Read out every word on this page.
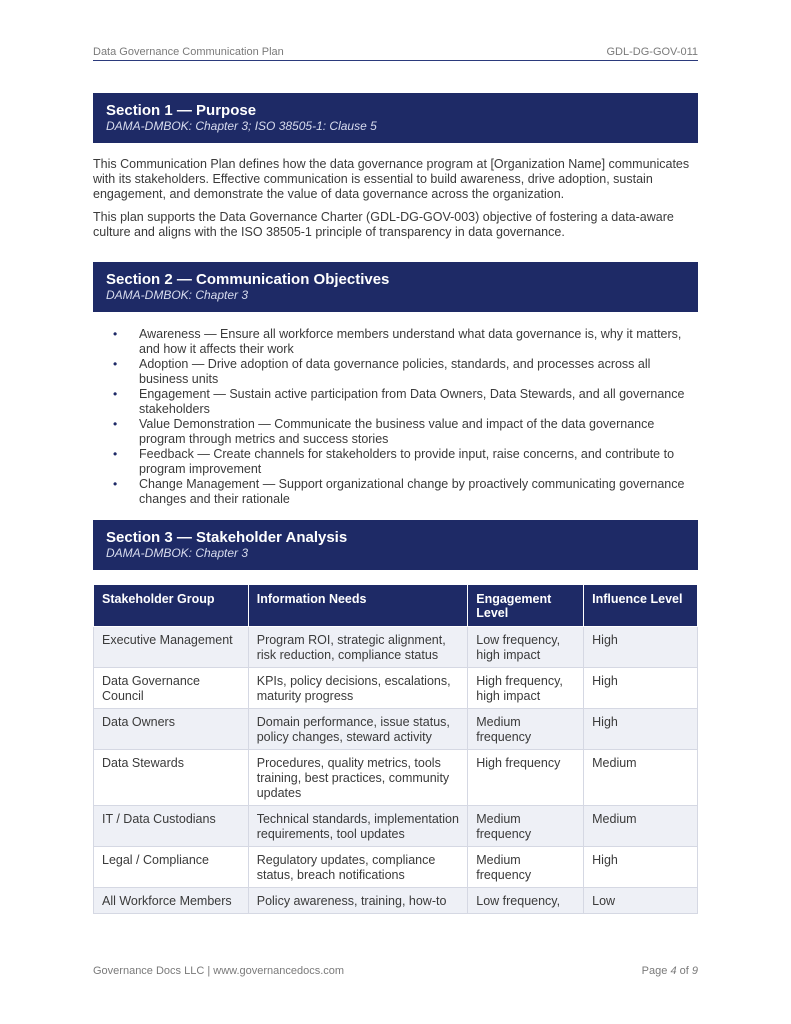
Data Governance Communication Plan	GDL-DG-GOV-011
Section 1 — Purpose
DAMA-DMBOK: Chapter 3; ISO 38505-1: Clause 5
This Communication Plan defines how the data governance program at [Organization Name] communicates with its stakeholders. Effective communication is essential to build awareness, drive adoption, sustain engagement, and demonstrate the value of data governance across the organization.
This plan supports the Data Governance Charter (GDL-DG-GOV-003) objective of fostering a data-aware culture and aligns with the ISO 38505-1 principle of transparency in data governance.
Section 2 — Communication Objectives
DAMA-DMBOK: Chapter 3
• Awareness — Ensure all workforce members understand what data governance is, why it matters, and how it affects their work
• Adoption — Drive adoption of data governance policies, standards, and processes across all business units
• Engagement — Sustain active participation from Data Owners, Data Stewards, and all governance stakeholders
• Value Demonstration — Communicate the business value and impact of the data governance program through metrics and success stories
• Feedback — Create channels for stakeholders to provide input, raise concerns, and contribute to program improvement
• Change Management — Support organizational change by proactively communicating governance changes and their rationale
Section 3 — Stakeholder Analysis
DAMA-DMBOK: Chapter 3
Stakeholder Group	Information Needs	Engagement Level	Influence Level
Executive Management	Program ROI, strategic alignment, risk reduction, compliance status	Low frequency, high impact	High
Data Governance Council	KPIs, policy decisions, escalations, maturity progress	High frequency, high impact	High
Data Owners	Domain performance, issue status, policy changes, steward activity	Medium frequency	High
Data Stewards	Procedures, quality metrics, tools training, best practices, community updates	High frequency	Medium
IT / Data Custodians	Technical standards, implementation requirements, tool updates	Medium frequency	Medium
Legal / Compliance	Regulatory updates, compliance status, breach notifications	Medium frequency	High
All Workforce Members	Policy awareness, training, how-to	Low frequency,	Low
Governance Docs LLC | www.governancedocs.com	Page 4 of 9
